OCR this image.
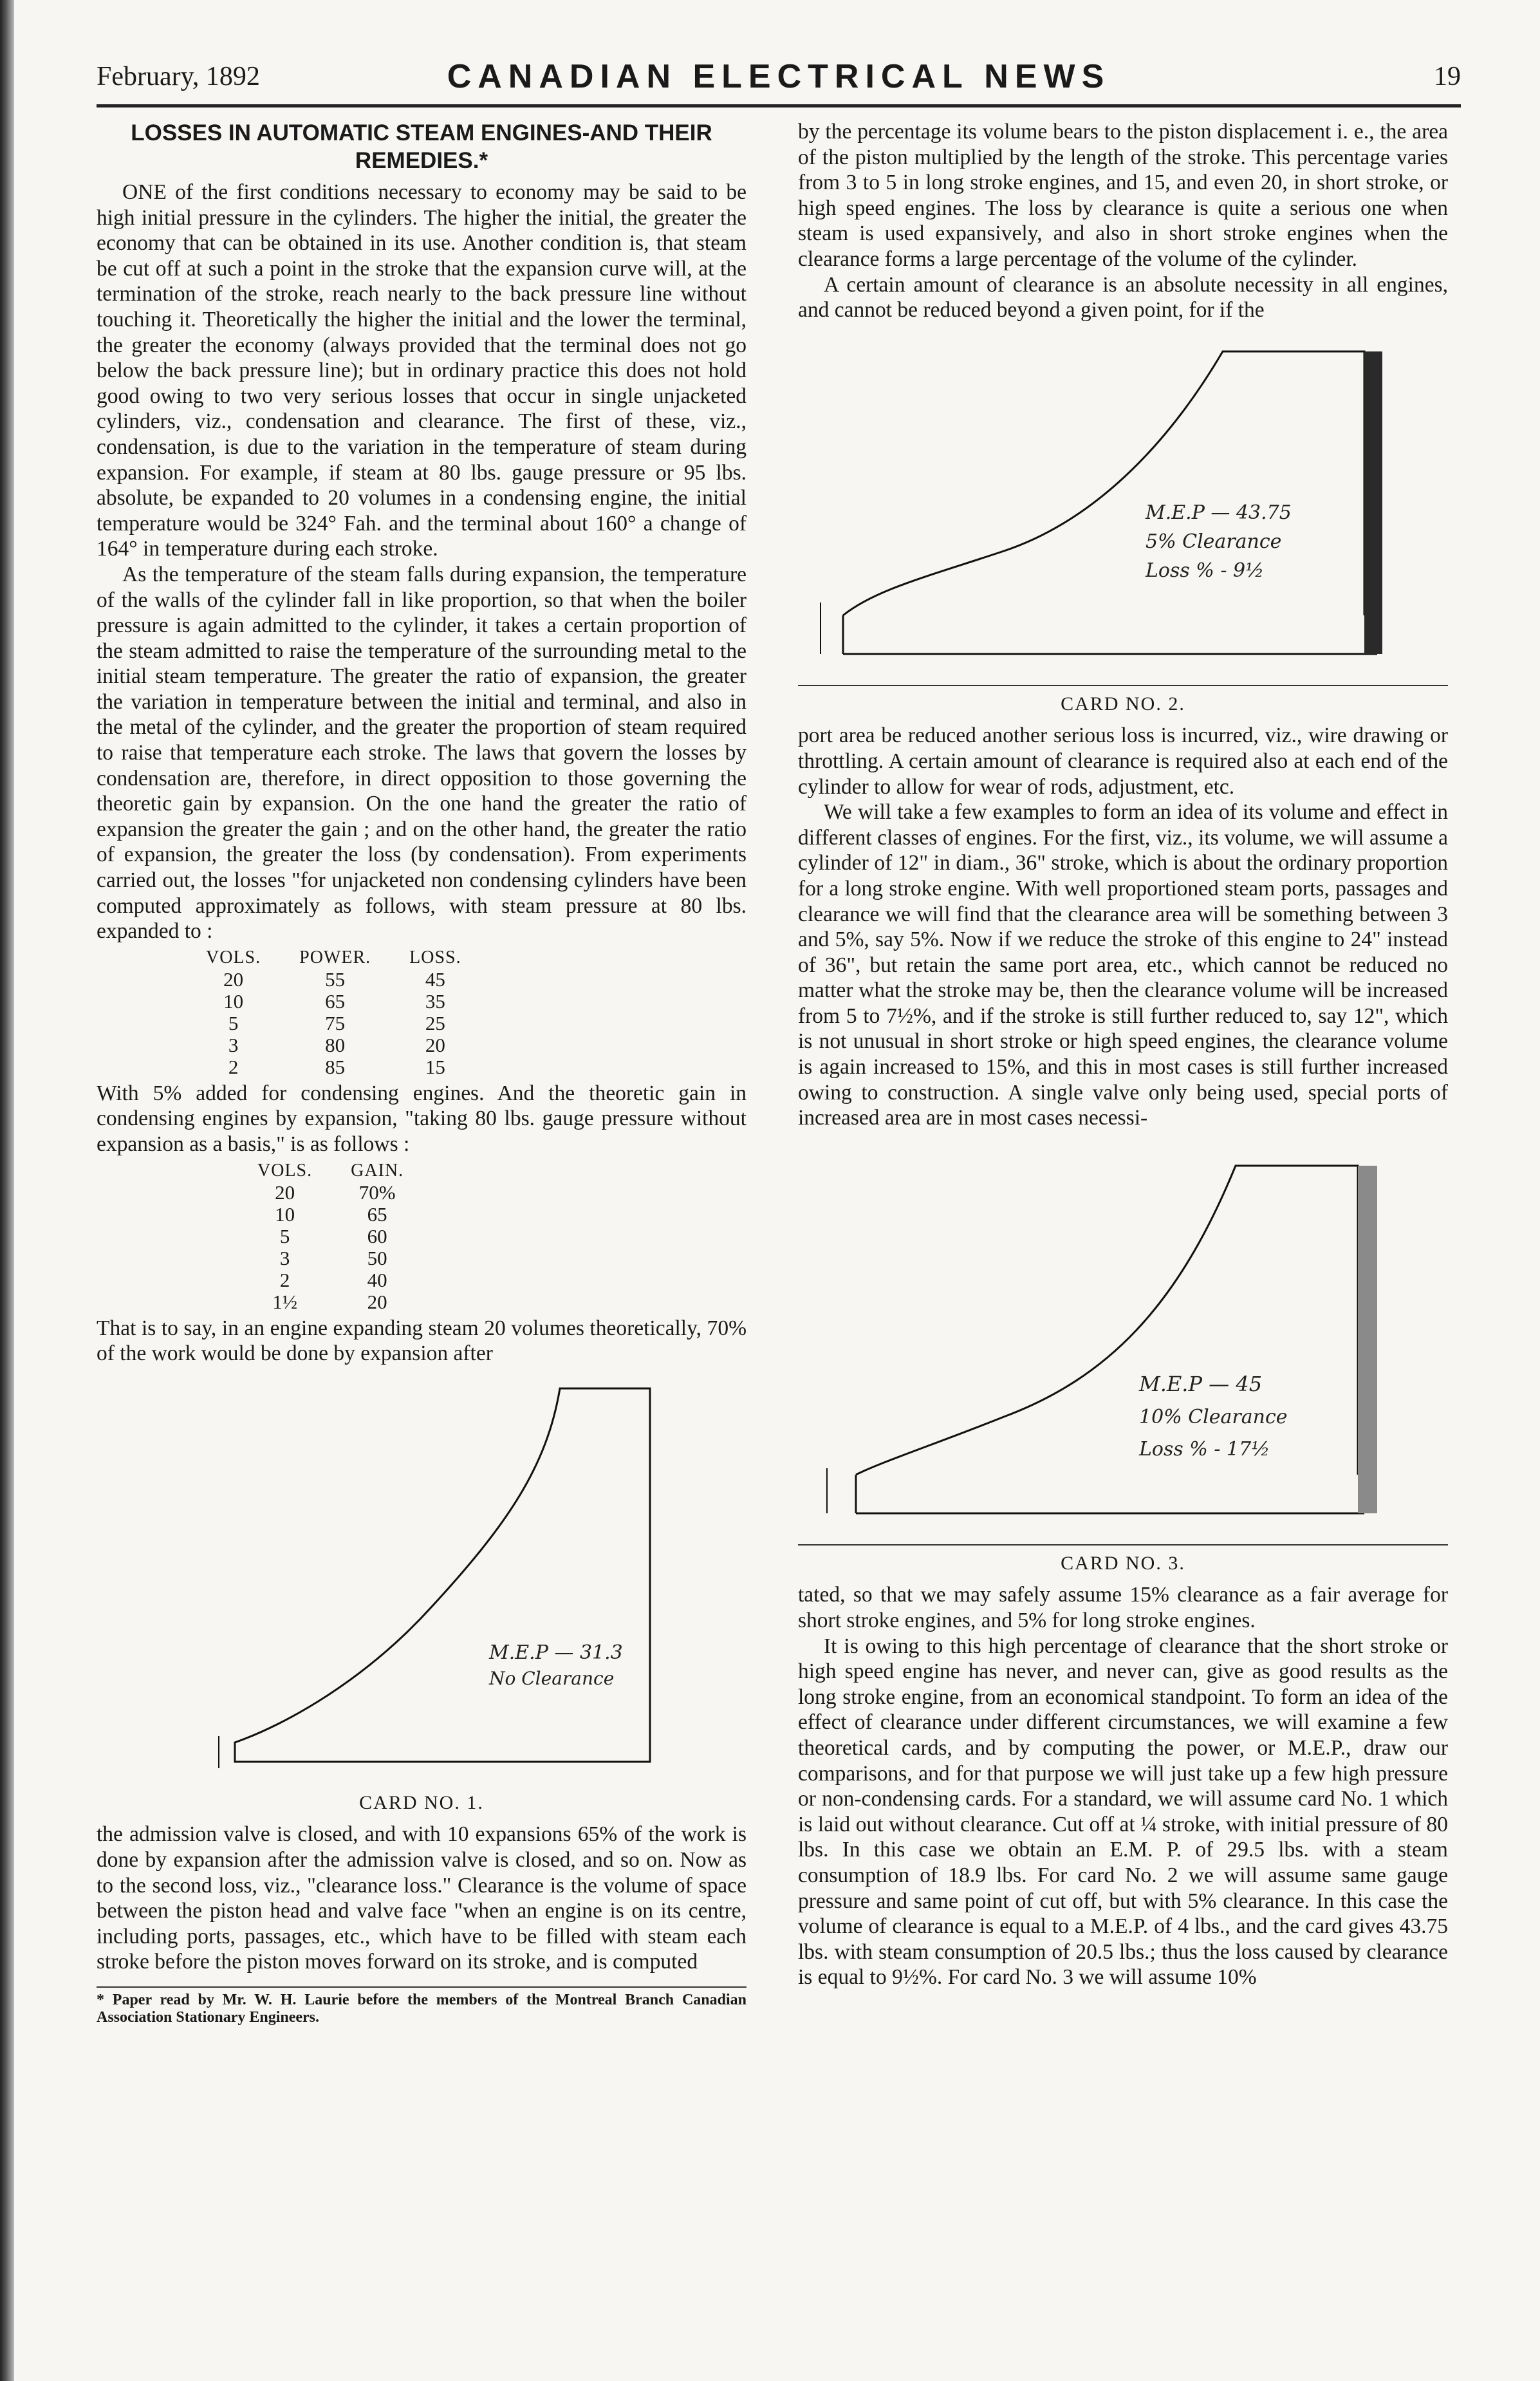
February, 1892	CANADIAN ELECTRICAL NEWS	19
LOSSES IN AUTOMATIC STEAM ENGINES-AND THEIR REMEDIES.*

ONE of the first conditions necessary to economy may be said to be high initial pressure in the cylinders. The higher the initial, the greater the economy that can be obtained in its use. Another condition is, that steam be cut off at such a point in the stroke that the expansion curve will, at the termination of the stroke, reach nearly to the back pressure line without touching it. Theoretically the higher the initial and the lower the terminal, the greater the economy (always provided that the terminal does not go below the back pressure line); but in ordinary practice this does not hold good owing to two very serious losses that occur in single unjacketed cylinders, viz., condensation and clearance. The first of these, viz., condensation, is due to the variation in the temperature of steam during expansion. For example, if steam at 80 lbs. gauge pressure or 95 lbs. absolute, be expanded to 20 volumes in a condensing engine, the initial temperature would be 324° Fah. and the terminal about 160° a change of 164° in temperature during each stroke.

As the temperature of the steam falls during expansion, the temperature of the walls of the cylinder fall in like proportion, so that when the boiler pressure is again admitted to the cylinder, it takes a certain proportion of the steam admitted to raise the temperature of the surrounding metal to the initial steam temperature. The greater the ratio of expansion, the greater the variation in temperature between the initial and terminal, and also in the metal of the cylinder, and the greater the proportion of steam required to raise that temperature each stroke. The laws that govern the losses by condensation are, therefore, in direct opposition to those governing the theoretic gain by expansion. On the one hand the greater the ratio of expansion the greater the gain ; and on the other hand, the greater the ratio of expansion, the greater the loss (by condensation). From experiments carried out, the losses "for unjacketed non condensing cylinders have been computed approximately as follows, with steam pressure at 80 lbs. expanded to :

VOLS.	POWER.	LOSS.
20	55	45
10	65	35
5	75	25
3	80	20
2	85	15

With 5% added for condensing engines. And the theoretic gain in condensing engines by expansion, "taking 80 lbs. gauge pressure without expansion as a basis," is as follows :

VOLS.	GAIN.
20	70%
10	65
5	60
3	50
2	40
1½	20

That is to say, in an engine expanding steam 20 volumes theoretically, 70% of the work would be done by expansion after

M.E.P — 31.3
No Clearance
CARD NO. 1.

the admission valve is closed, and with 10 expansions 65% of the work is done by expansion after the admission valve is closed, and so on. Now as to the second loss, viz., "clearance loss." Clearance is the volume of space between the piston head and valve face "when an engine is on its centre, including ports, passages, etc., which have to be filled with steam each stroke before the piston moves forward on its stroke, and is computed

* Paper read by Mr. W. H. Laurie before the members of the Montreal Branch Canadian Association Stationary Engineers.

by the percentage its volume bears to the piston displacement i. e., the area of the piston multiplied by the length of the stroke. This percentage varies from 3 to 5 in long stroke engines, and 15, and even 20, in short stroke, or high speed engines. The loss by clearance is quite a serious one when steam is used expansively, and also in short stroke engines when the clearance forms a large percentage of the volume of the cylinder.

A certain amount of clearance is an absolute necessity in all engines, and cannot be reduced beyond a given point, for if the

M.E.P — 43.75
5% Clearance
Loss % - 9½
CARD NO. 2.

port area be reduced another serious loss is incurred, viz., wire drawing or throttling. A certain amount of clearance is required also at each end of the cylinder to allow for wear of rods, adjustment, etc.

We will take a few examples to form an idea of its volume and effect in different classes of engines. For the first, viz., its volume, we will assume a cylinder of 12" in diam., 36" stroke, which is about the ordinary proportion for a long stroke engine. With well proportioned steam ports, passages and clearance we will find that the clearance area will be something between 3 and 5%, say 5%. Now if we reduce the stroke of this engine to 24" instead of 36", but retain the same port area, etc., which cannot be reduced no matter what the stroke may be, then the clearance volume will be increased from 5 to 7½%, and if the stroke is still further reduced to, say 12", which is not unusual in short stroke or high speed engines, the clearance volume is again increased to 15%, and this in most cases is still further increased owing to construction. A single valve only being used, special ports of increased area are in most cases necessi-

M.E.P — 45
10% Clearance
Loss % - 17½
CARD NO. 3.

tated, so that we may safely assume 15% clearance as a fair average for short stroke engines, and 5% for long stroke engines.

It is owing to this high percentage of clearance that the short stroke or high speed engine has never, and never can, give as good results as the long stroke engine, from an economical standpoint. To form an idea of the effect of clearance under different circumstances, we will examine a few theoretical cards, and by computing the power, or M.E.P., draw our comparisons, and for that purpose we will just take up a few high pressure or non-condensing cards. For a standard, we will assume card No. 1 which is laid out without clearance. Cut off at ¼ stroke, with initial pressure of 80 lbs. In this case we obtain an E.M. P. of 29.5 lbs. with a steam consumption of 18.9 lbs. For card No. 2 we will assume same gauge pressure and same point of cut off, but with 5% clearance. In this case the volume of clearance is equal to a M.E.P. of 4 lbs., and the card gives 43.75 lbs. with steam consumption of 20.5 lbs.; thus the loss caused by clearance is equal to 9½%. For card No. 3 we will assume 10%
